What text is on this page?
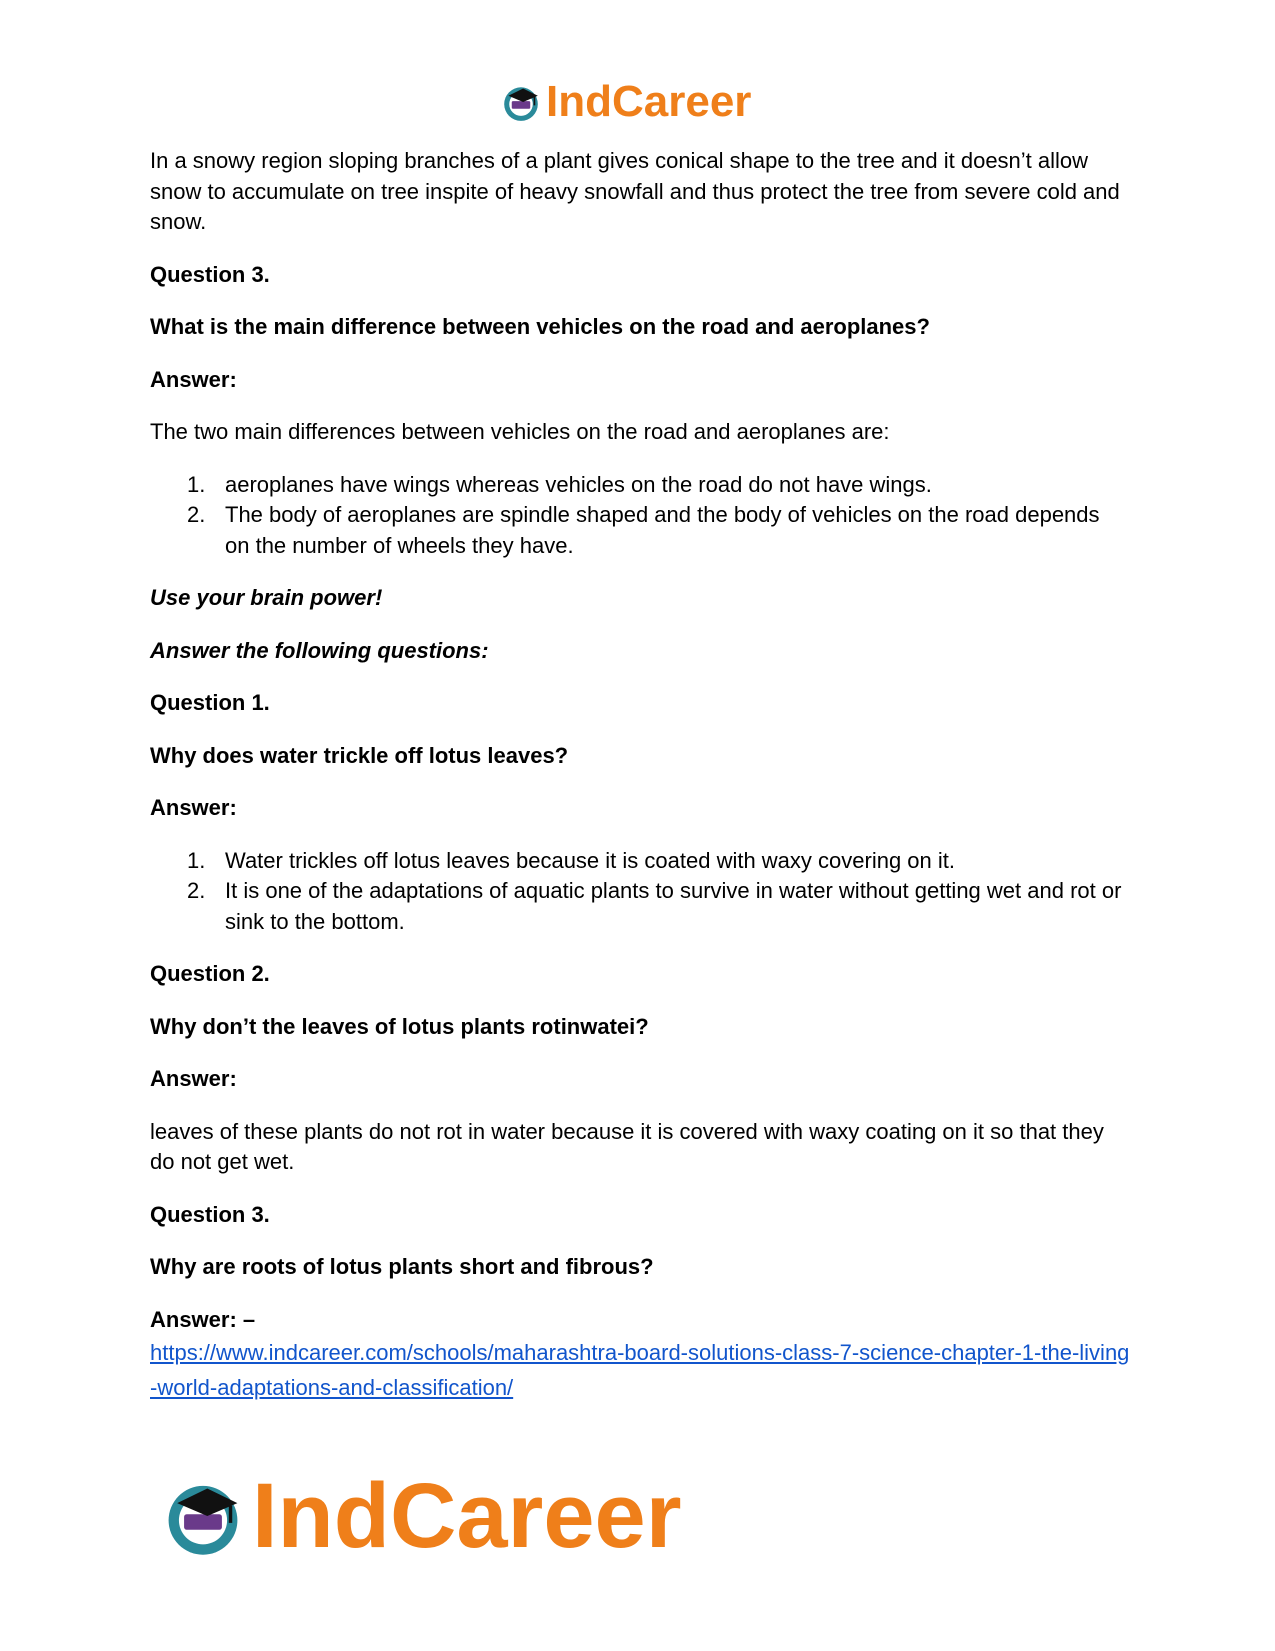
IndCareer

In a snowy region sloping branches of a plant gives conical shape to the tree and it doesn’t allow snow to accumulate on tree inspite of heavy snowfall and thus protect the tree from severe cold and snow.

Question 3.

What is the main difference between vehicles on the road and aeroplanes?

Answer:

The two main differences between vehicles on the road and aeroplanes are:

1. aeroplanes have wings whereas vehicles on the road do not have wings.
2. The body of aeroplanes are spindle shaped and the body of vehicles on the road depends on the number of wheels they have.

Use your brain power!

Answer the following questions:

Question 1.

Why does water trickle off lotus leaves?

Answer:

1. Water trickles off lotus leaves because it is coated with waxy covering on it.
2. It is one of the adaptations of aquatic plants to survive in water without getting wet and rot or sink to the bottom.

Question 2.

Why don’t the leaves of lotus plants rotinwatei?

Answer:

leaves of these plants do not rot in water because it is covered with waxy coating on it so that they do not get wet.

Question 3.

Why are roots of lotus plants short and fibrous?

Answer: –
https://www.indcareer.com/schools/maharashtra-board-solutions-class-7-science-chapter-1-the-living-world-adaptations-and-classification/
IndCareer
